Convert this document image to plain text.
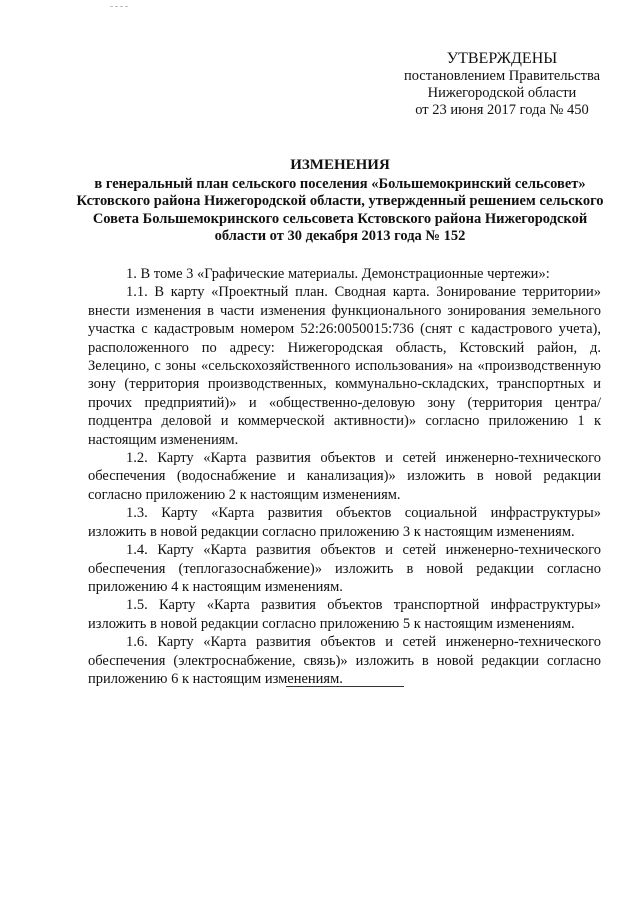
УТВЕРЖДЕНЫ
постановлением Правительства
Нижегородской области
от 23 июня 2017 года № 450
ИЗМЕНЕНИЯ
в генеральный план сельского поселения «Большемокринский сельсовет» Кстовского района Нижегородской области, утвержденный решением сельского Совета Большемокринского сельсовета Кстовского района Нижегородской области от 30 декабря 2013 года № 152

1. В томе 3 «Графические материалы. Демонстрационные чертежи»:

1.1. В карту «Проектный план. Сводная карта. Зонирование территории» внести изменения в части изменения функционального зонирования земельного участка с кадастровым номером 52:26:0050015:736 (снят с кадастрового учета), расположенного по адресу: Нижегородская область, Кстовский район, д. Зелецино, с зоны «сельскохозяйственного использования» на «производственную зону (территория производственных, коммунально-складских, транспортных и прочих предприятий)» и «общественно-деловую зону (территория центра/подцентра деловой и коммерческой активности)» согласно приложению 1 к настоящим изменениям.

1.2. Карту «Карта развития объектов и сетей инженерно-технического обеспечения (водоснабжение и канализация)» изложить в новой редакции согласно приложению 2 к настоящим изменениям.

1.3. Карту «Карта развития объектов социальной инфраструктуры» изложить в новой редакции согласно приложению 3 к настоящим изменениям.

1.4. Карту «Карта развития объектов и сетей инженерно-технического обеспечения (теплогазоснабжение)» изложить в новой редакции согласно приложению 4 к настоящим изменениям.

1.5. Карту «Карта развития объектов транспортной инфраструктуры» изложить в новой редакции согласно приложению 5 к настоящим изменениям.

1.6. Карту «Карта развития объектов и сетей инженерно-технического обеспечения (электроснабжение, связь)» изложить в новой редакции согласно приложению 6 к настоящим изменениям.
